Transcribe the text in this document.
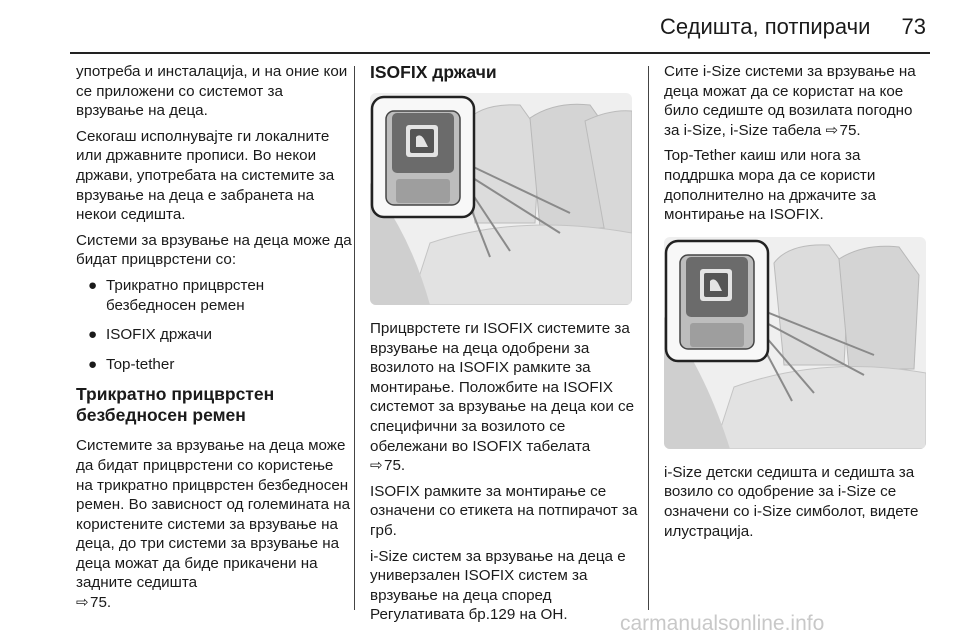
Седишта, потпирачи 73

употреба и инсталација, и на оние кои се приложени со системот за врзување на деца.

Секогаш исполнувајте ги локалните или државните прописи. Во некои држави, употребата на системите за врзување на деца е забранета на некои седишта.

Системи за врзување на деца може да бидат прицврстени со:

● Трикратно прицврстен безбедносен ремен
● ISOFIX држачи
● Top-tether
Трикратно прицврстен безбедносен ремен

Системите за врзување на деца може да бидат прицврстени со користење на трикратно прицврстен безбедносен ремен. Во зависност од големината на користените системи за врзување на деца, до три системи за врзување на деца можат да биде прикачени на задните седишта
⇨75.

ISOFIX држачи

Прицврстете ги ISOFIX системите за врзување на деца одобрени за возилото на ISOFIX рамките за монтирање. Положбите на ISOFIX системот за врзување на деца кои се специфични за возилото се обележани во ISOFIX табелата
⇨75.

ISOFIX рамките за монтирање се означени со етикета на потпирачот за грб.

i-Size систем за врзување на деца е универзален ISOFIX систем за врзување на деца според Регулативата бр.129 на ОН.

Сите i-Size системи за врзување на деца можат да се користат на кое било седиште од возилата погодно за i-Size, i-Size табела ⇨75.

Top-Tether каиш или нога за поддршка мора да се користи дополнително на држачите за монтирање на ISOFIX.

i-Size детски седишта и седишта за возило со одобрение за i-Size се означени со i-Size симболот, видете илустрација.

carmanualsonline.info
